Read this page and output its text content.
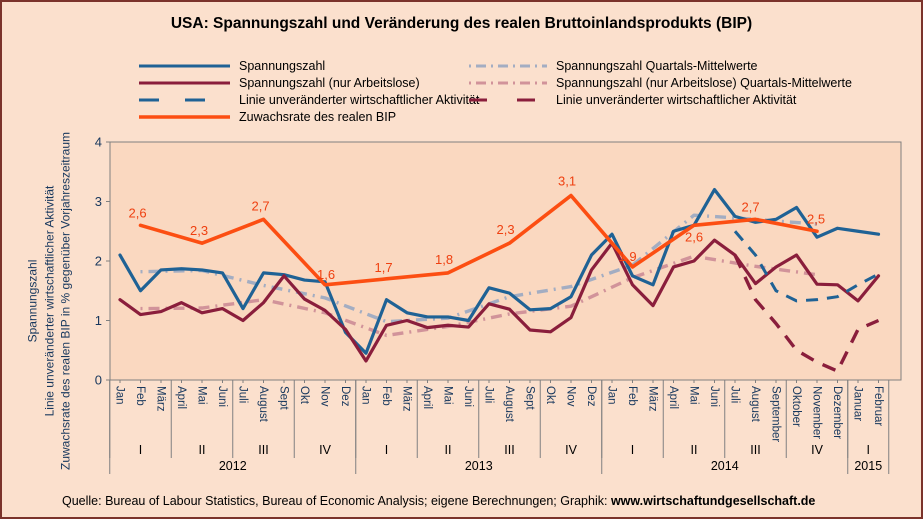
0
1
2
3
4
Jan Feb März April Mai Juni Juli August Sept Okt Nov Dez Jan Feb März April Mai Juni Juli August Sept Okt Nov Dez Jan Feb März April Mai Juni Juli August September Oktober November Dezember Januar Februar
I	II	III	IV	I	II	III	IV	I	II	III	IV	I
2012	2013	2014	2015
2,6
2,3
2,7
1,6	1,7
1,8
2,3
3,1
1,9
2,6
2,7
2,5
USA: Spannungszahl und Veränderung des realen Bruttoinlandsprodukts (BIP)
Spannungszahl
Spannungszahl (nur Arbeitslose)
Linie unveränderter wirtschaftlicher Aktivität
Zuwachsrate des realen BIP
Spannungszahl Quartals-Mittelwerte
Spannungszahl (nur Arbeitslose) Quartals-Mittelwerte
Linie unveränderter wirtschaftlicher Aktivität
Spannungszahl Linie unveränderter wirtschaftlicher Aktivität Zuwachsrate des realen BIP in % gegenüber Vorjahreszeitraum
Quelle: Bureau of Labour Statistics, Bureau of Economic Analysis; eigene Berechnungen; Graphik: www.wirtschaftundgesellschaft.de
